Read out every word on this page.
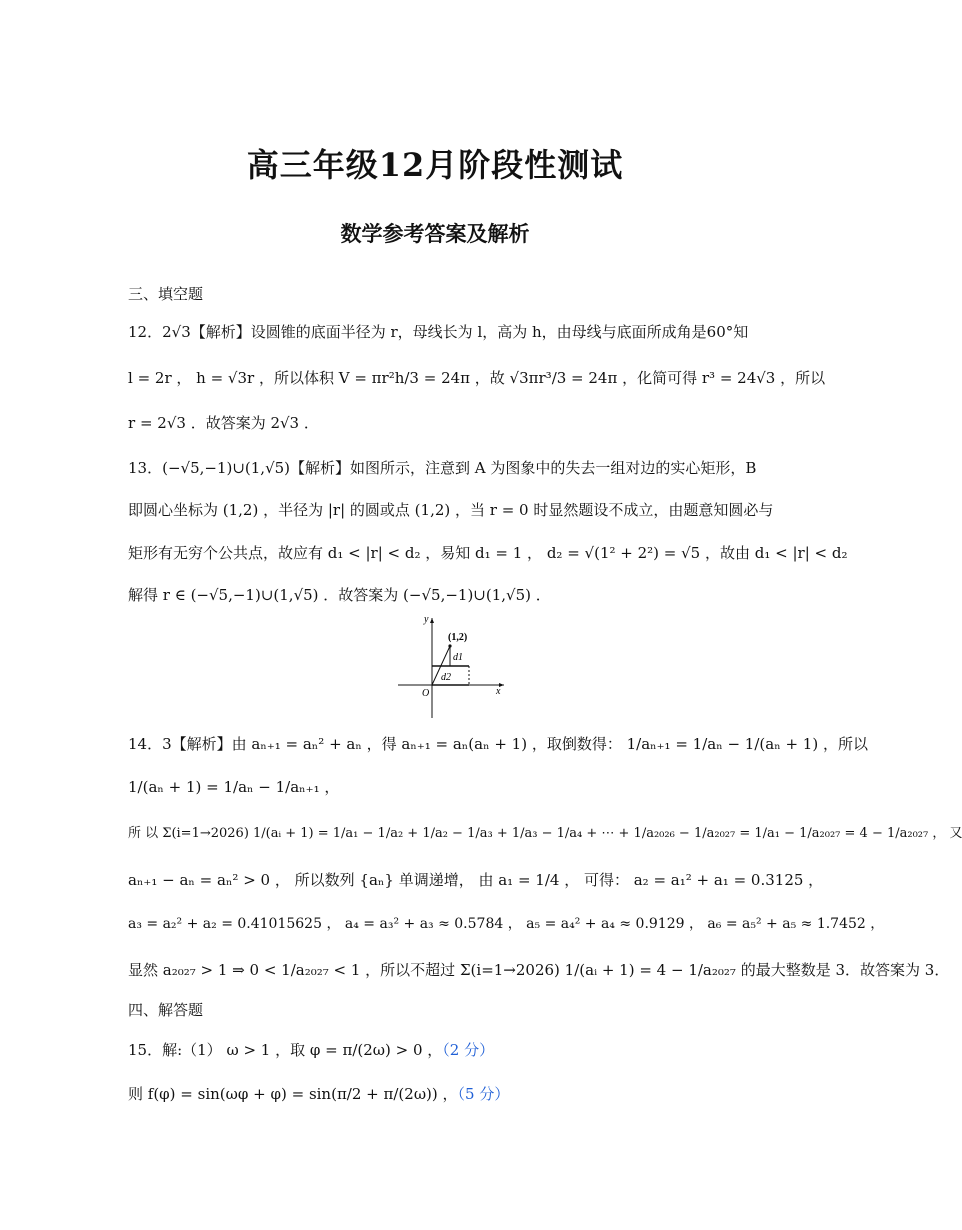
高三年级12月阶段性测试
数学参考答案及解析
三、填空题
12．2√3【解析】设圆锥的底面半径为 r，母线长为 l，高为 h，由母线与底面所成角是60°知
l = 2r ， h = √3r ，所以体积 V = πr²h/3 = 24π ，故 √3πr³/3 = 24π ，化简可得 r³ = 24√3 ，所以
r = 2√3 ．故答案为 2√3 ．
13．(−√5,−1)∪(1,√5)【解析】如图所示，注意到 A 为图象中的失去一组对边的实心矩形，B
即圆心坐标为 (1,2) ，半径为 |r| 的圆或点 (1,2) ，当 r = 0 时显然题设不成立，由题意知圆必与
矩形有无穷个公共点，故应有 d₁ < |r| < d₂ ，易知 d₁ = 1 ， d₂ = √(1² + 2²) = √5 ，故由 d₁ < |r| < d₂
解得 r ∈ (−√5,−1)∪(1,√5) ．故答案为 (−√5,−1)∪(1,√5) ．
(1,2)
d1
d2
O	x
y
14．3【解析】由 aₙ₊₁ = aₙ² + aₙ ，得 aₙ₊₁ = aₙ(aₙ + 1) ，取倒数得： 1/aₙ₊₁ = 1/aₙ − 1/(aₙ + 1) ，所以
1/(aₙ + 1) = 1/aₙ − 1/aₙ₊₁ ，
所 以 Σ(i=1→2026) 1/(aᵢ + 1) = 1/a₁ − 1/a₂ + 1/a₂ − 1/a₃ + 1/a₃ − 1/a₄ + ⋯ + 1/a₂₀₂₆ − 1/a₂₀₂₇ = 1/a₁ − 1/a₂₀₂₇ = 4 − 1/a₂₀₂₇ ， 又
aₙ₊₁ − aₙ = aₙ² > 0 ， 所以数列 {aₙ} 单调递增， 由 a₁ = 1/4 ， 可得： a₂ = a₁² + a₁ = 0.3125 ，
a₃ = a₂² + a₂ = 0.41015625 ， a₄ = a₃² + a₃ ≈ 0.5784 ， a₅ = a₄² + a₄ ≈ 0.9129 ， a₆ = a₅² + a₅ ≈ 1.7452 ，
显然 a₂₀₂₇ > 1 ⇒ 0 < 1/a₂₀₂₇ < 1 ，所以不超过 Σ(i=1→2026) 1/(aᵢ + 1) = 4 − 1/a₂₀₂₇ 的最大整数是 3．故答案为 3．
四、解答题
15．解:（1） ω > 1 ，取 φ = π/(2ω) > 0 ，（2 分）
则 f(φ) = sin(ωφ + φ) = sin(π/2 + π/(2ω)) ，（5 分）
